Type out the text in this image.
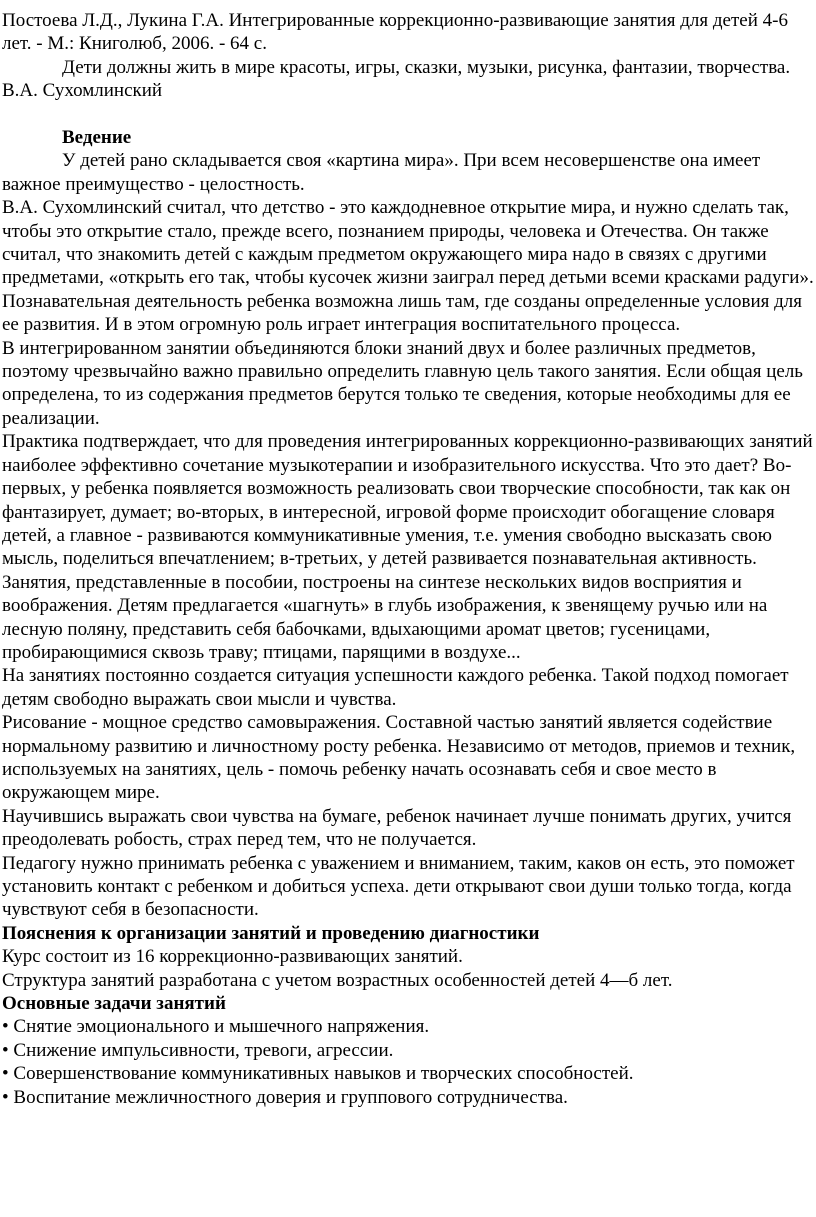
Постоева Л.Д., Лукина Г.А. Интегрированные коррекционно-развивающие занятия для детей 4-6 лет. - М.: Книголюб, 2006. - 64 с.

Дети должны жить в мире красоты, игры, сказки, музыки, рисунка, фантазии, творчества.

В.А. Сухомлинский

Ведение

У детей рано складывается своя «картина мира». При всем несовершенстве она имеет важное преимущество - целостность.

В.А. Сухомлинский считал, что детство - это каждодневное открытие мира, и нужно сделать так, чтобы это открытие стало, прежде всего, познанием природы, человека и Отечества. Он также считал, что знакомить детей с каждым предметом окружающего мира надо в связях с другими предметами, «открыть его так, чтобы кусочек жизни заиграл перед детьми всеми красками радуги».

Познавательная деятельность ребенка возможна лишь там, где созданы определенные условия для ее развития. И в этом огромную роль играет интеграция воспитательного процесса.

В интегрированном занятии объединяются блоки знаний двух и более различных предметов, поэтому чрезвычайно важно правильно определить главную цель такого занятия. Если общая цель определена, то из содержания предметов берутся только те сведения, которые необходимы для ее реализации.

Практика подтверждает, что для проведения интегрированных коррекционно-развивающих занятий наиболее эффективно сочетание музыкотерапии и изобразительного искусства. Что это дает? Во-первых, у ребенка появляется возможность реализовать свои творческие способности, так как он фантазирует, думает; во-вторых, в интересной, игровой форме происходит обогащение словаря детей, а главное - развиваются коммуникативные умения, т.е. умения свободно высказать свою мысль, поделиться впечатлением; в-третьих, у детей развивается познавательная активность.

Занятия, представленные в пособии, построены на синтезе нескольких видов восприятия и воображения. Детям предлагается «шагнуть» в глубь изображения, к звенящему ручью или на лесную поляну, представить себя бабочками, вдыхающими аромат цветов; гусеницами, пробирающимися сквозь траву; птицами, парящими в воздухе...

На занятиях постоянно создается ситуация успешности каждого ребенка. Такой подход помогает детям свободно выражать свои мысли и чувства.

Рисование - мощное средство самовыражения. Составной частью занятий является содействие нормальному развитию и личностному росту ребенка. Независимо от методов, приемов и техник, используемых на занятиях, цель - помочь ребенку начать осознавать себя и свое место в окружающем мире.

Научившись выражать свои чувства на бумаге, ребенок начинает лучше понимать других, учится преодолевать робость, страх перед тем, что не получается.

Педагогу нужно принимать ребенка с уважением и вниманием, таким, каков он есть, это поможет установить контакт с ребенком и добиться успеха. дети открывают свои души только тогда, когда чувствуют себя в безопасности.

Пояснения к организации занятий и проведению диагностики

Курс состоит из 16 коррекционно-развивающих занятий.

Структура занятий разработана с учетом возрастных особенностей детей 4—б лет.

Основные задачи занятий

• Снятие эмоционального и мышечного напряжения.

• Снижение импульсивности, тревоги, агрессии.

• Совершенствование коммуникативных навыков и творческих способностей.

• Воспитание межличностного доверия и группового сотрудничества.
